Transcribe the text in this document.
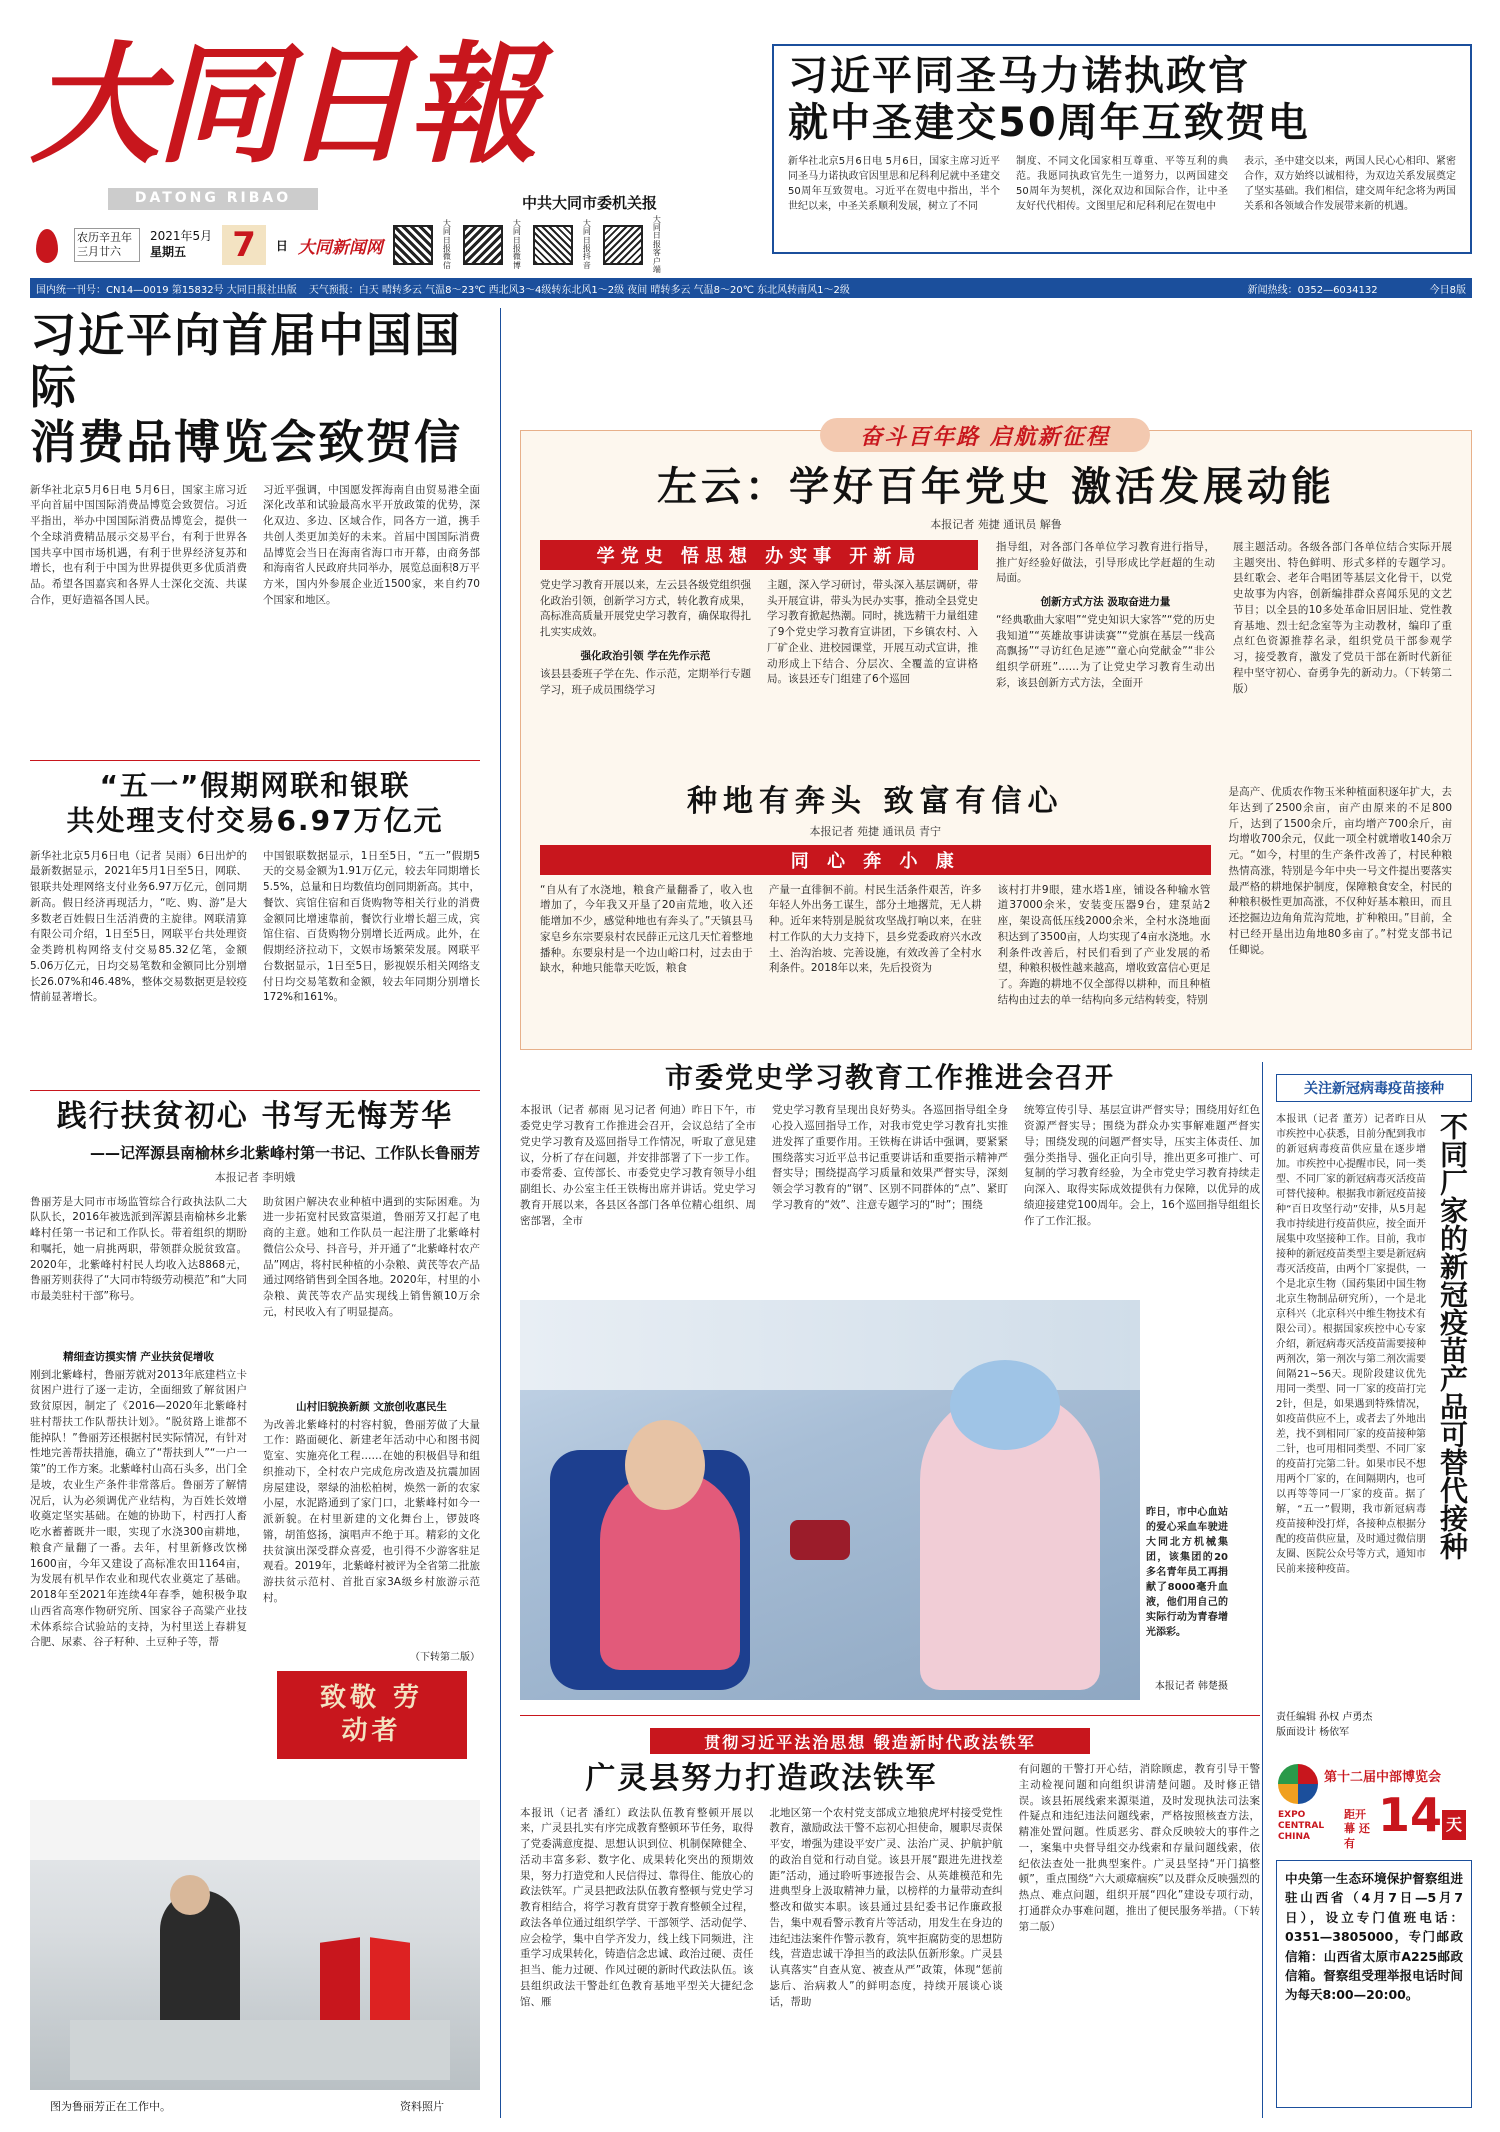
大同日報
DATONG RIBAO	中共大同市委机关报
农历辛丑年 三月廿六
2021年5月
星期五	7	日 大同新闻网
大同日报微信
大同日报微博
大同日报抖音
大同日报客户端
习近平同圣马力诺执政官
就中圣建交50周年互致贺电
新华社北京5月6日电 5月6日，国家主席习近平同圣马力诺执政官因里思和尼科利尼就中圣建交50周年互致贺电。习近平在贺电中指出，半个世纪以来，中圣关系顺利发展，树立了不同
制度、不同文化国家相互尊重、平等互利的典范。我愿同执政官先生一道努力，以两国建交50周年为契机，深化双边和国际合作，让中圣友好代代相传。文图里尼和尼科利尼在贺电中
表示，圣中建交以来，两国人民心心相印、紧密合作，双方始终以诚相待，为双边关系发展奠定了坚实基础。我们相信，建交周年纪念将为两国关系和各领域合作发展带来新的机遇。
国内统一刊号：CN14—0019 第15832号 大同日报社出版 天气预报：白天 晴转多云 气温8～23℃ 西北风3～4级转东北风1～2级 夜间 晴转多云 气温8～20℃ 东北风转南风1～2级	新闻热线：0352—6034132	今日8版
习近平向首届中国国际
消费品博览会致贺信
新华社北京5月6日电 5月6日，国家主席习近平向首届中国国际消费品博览会致贺信。习近平指出，举办中国国际消费品博览会，提供一个全球消费精品展示交易平台，有利于世界各国共享中国市场机遇，有利于世界经济复苏和增长，也有利于中国为世界提供更多优质消费品。希望各国嘉宾和各界人士深化交流、共谋合作，更好造福各国人民。
习近平强调，中国愿发挥海南自由贸易港全面深化改革和试验最高水平开放政策的优势，深化双边、多边、区域合作，同各方一道，携手共创人类更加美好的未来。首届中国国际消费品博览会当日在海南省海口市开幕，由商务部和海南省人民政府共同举办，展览总面积8万平方米，国内外参展企业近1500家，来自约70个国家和地区。
“五一”假期网联和银联
共处理支付交易6.97万亿元
新华社北京5月6日电（记者 吴雨）6日出炉的最新数据显示，2021年5月1日至5日，网联、银联共处理网络支付业务6.97万亿元，创同期新高。假日经济再现活力，“吃、购、游”是大多数老百姓假日生活消费的主旋律。网联清算有限公司介绍，1日至5日，网联平台共处理资金类跨机构网络支付交易85.32亿笔，金额5.06万亿元，日均交易笔数和金额同比分别增长26.07%和46.48%，整体交易数据更是较疫情前显著增长。
中国银联数据显示，1日至5日，“五一”假期5天的交易金额为1.91万亿元，较去年同期增长5.5%，总量和日均数值均创同期新高。其中，餐饮、宾馆住宿和百货购物等相关行业的消费金额同比增速靠前，餐饮行业增长超三成，宾馆住宿、百货购物分别增长近两成。此外，在假期经济拉动下，文娱市场繁荣发展。网联平台数据显示，1日至5日，影视娱乐相关网络支付日均交易笔数和金额，较去年同期分别增长172%和161%。
践行扶贫初心 书写无悔芳华
——记浑源县南榆林乡北紫峰村第一书记、工作队长鲁丽芳
本报记者 李明娥
鲁丽芳是大同市市场监管综合行政执法队二大队队长，2016年被选派到浑源县南榆林乡北紫峰村任第一书记和工作队长。带着组织的期盼和嘱托，她一肩挑两职，带领群众脱贫致富。2020年，北紫峰村村民人均收入达8868元，鲁丽芳则获得了“大同市特级劳动模范”和“大同市最美驻村干部”称号。
精细查访摸实情 产业扶贫促增收
刚到北紫峰村，鲁丽芳就对2013年底建档立卡贫困户进行了逐一走访，全面细致了解贫困户致贫原因，制定了《2016—2020年北紫峰村驻村帮扶工作队帮扶计划》。“脱贫路上谁都不能掉队！”鲁丽芳还根据村民实际情况，有针对性地完善帮扶措施，确立了“帮扶到人”“一户一策”的工作方案。北紫峰村山高石头多，出门全是坡，农业生产条件非常落后。鲁丽芳了解情况后，认为必须调优产业结构，为百姓长效增收奠定坚实基础。在她的协助下，村西打人畜吃水蓄蓄既井一眼，实现了水浇300亩耕地，粮食产量翻了一番。去年，村里新修改饮梯1600亩，今年又建设了高标准农田1164亩，为发展有机旱作农业和现代农业奠定了基础。2018年至2021年连续4年春季，她积极争取山西省高寒作物研究所、国家谷子高粱产业技术体系综合试验站的支持，为村里送上春耕复合肥、尿素、谷子籽种、土豆种子等，帮
助贫困户解决农业种植中遇到的实际困难。为进一步拓宽村民致富渠道，鲁丽芳又打起了电商的主意。她和工作队员一起注册了北紫峰村微信公众号、抖音号，并开通了“北紫峰村农产品”网店，将村民种植的小杂粮、黄芪等农产品通过网络销售到全国各地。2020年，村里的小杂粮、黄芪等农产品实现线上销售额10万余元，村民收入有了明显提高。
山村旧貌换新颜 文旅创收惠民生
为改善北紫峰村的村容村貌，鲁丽芳做了大量工作：路面硬化、新建老年活动中心和图书阅览室、实施亮化工程……在她的积极倡导和组织推动下，全村农户完成危房改造及抗震加固房屋建设，翠绿的油松柏树，焕然一新的农家小屋，水泥路通到了家门口，北紫峰村如今一派新貌。在村里新建的文化舞台上，锣鼓咚锵，胡笛悠扬，演唱声不绝于耳。精彩的文化扶贫演出深受群众喜爱，也引得不少游客驻足观看。2019年，北紫峰村被评为全省第二批旅游扶贫示范村、首批百家3A级乡村旅游示范村。
（下转第二版）
致敬 劳动者
图为鲁丽芳正在工作中。	资料照片
奋斗百年路 启航新征程
左云：学好百年党史 激活发展动能
本报记者 苑捷 通讯员 解鲁
学党史 悟思想 办实事 开新局
党史学习教育开展以来，左云县各级党组织强化政治引领，创新学习方式，转化教育成果，高标准高质量开展党史学习教育，确保取得扎扎实实成效。
强化政治引领 学在先作示范
该县县委班子学在先、作示范，定期举行专题学习，班子成员围绕学习
主题，深入学习研讨，带头深入基层调研，带头开展宣讲，带头为民办实事，推动全县党史学习教育掀起热潮。同时，挑选精干力量组建了9个党史学习教育宣讲团，下乡镇农村、入厂矿企业、进校园课堂，开展互动式宣讲，推动形成上下结合、分层次、全覆盖的宣讲格局。该县还专门组建了6个巡回
指导组，对各部门各单位学习教育进行指导，推广好经验好做法，引导形成比学赶超的生动局面。
创新方式方法 汲取奋进力量
“经典歌曲大家唱”“党史知识大家答”“党的历史我知道”“英雄故事讲读赛”“党旗在基层一线高高飘扬”“寻访红色足迹”“童心向党献金”“非公组织学研班”……为了让党史学习教育生动出彩，该县创新方式方法，全面开
展主题活动。各级各部门各单位结合实际开展主题突出、特色鲜明、形式多样的专题学习。县红歌会、老年合唱团等基层文化骨干，以党史故事为内容，创新编排群众喜闻乐见的文艺节目；以全县的10多处革命旧居旧址、党性教育基地、烈士纪念室等为主动教材，编印了重点红色资源推荐名录，组织党员干部参观学习，接受教育，激发了党员干部在新时代新征程中坚守初心、奋勇争先的新动力。（下转第二版）
种地有奔头 致富有信心
本报记者 苑捷 通讯员 青宁
同 心 奔 小 康
“自从有了水浇地，粮食产量翻番了，收入也增加了，今年我又开垦了20亩荒地，收入还能增加不少，感觉种地也有奔头了。”天镇县马家皂乡东宗要泉村农民薛正元这几天忙着整地播种。东要泉村是一个边山峪口村，过去由于缺水，种地只能靠天吃饭，粮食
产量一直徘徊不前。村民生活条件艰苦，许多年轻人外出务工谋生，部分土地撂荒，无人耕种。近年来特别是脱贫攻坚战打响以来，在驻村工作队的大力支持下，县乡党委政府兴水改土、治沟治坡、完善设施，有效改善了全村水利条件。2018年以来，先后投资为
该村打井9眼，建水塔1座，铺设各种输水管道37000余米，安装变压器9台，建泵站2座，架设高低压线2000余米，全村水浇地面积达到了3500亩，人均实现了4亩水浇地。水利条件改善后，村民们看到了产业发展的希望，种粮积极性越来越高，增收致富信心更足了。奔跑的耕地不仅全部得以耕种，而且种植结构由过去的单一结构向多元结构转变，特别
是高产、优质农作物玉米种植面积逐年扩大，去年达到了2500余亩，亩产由原来的不足800斤，达到了1500余斤，亩均增产700余斤，亩均增收700余元，仅此一项全村就增收140余万元。“如今，村里的生产条件改善了，村民种粮热情高涨，特别是今年中央一号文件提出要落实最严格的耕地保护制度，保障粮食安全，村民的种粮积极性更加高涨，不仅种好基本粮田，而且还挖掘边边角角荒沟荒地，扩种粮田。”目前，全村已经开垦出边角地80多亩了。”村党支部书记任卿说。
市委党史学习教育工作推进会召开
本报讯（记者 郝雨 见习记者 何迪）昨日下午，市委党史学习教育工作推进会召开，会议总结了全市党史学习教育及巡回指导工作情况，听取了意见建议，分析了存在问题，并安排部署了下一步工作。市委常委、宣传部长、市委党史学习教育领导小组副组长、办公室主任王铁梅出席并讲话。党史学习教育开展以来，各县区各部门各单位精心组织、周密部署，全市
党史学习教育呈现出良好势头。各巡回指导组全身心投入巡回指导工作，对我市党史学习教育扎实推进发挥了重要作用。王铁梅在讲话中强调，要紧紧围绕落实习近平总书记重要讲话和重要指示精神严督实导；围绕提高学习质量和效果严督实导，深刻领会学习教育的“钢”、区别不同群体的“点”、紧盯学习教育的“效”、注意专题学习的“时”；围绕
统筹宣传引导、基层宣讲严督实导；围绕用好红色资源严督实导；围绕为群众办实事解难题严督实导；围绕发现的问题严督实导，压实主体责任、加强分类指导、强化正向引导，推出更多可推广、可复制的学习教育经验，为全市党史学习教育持续走向深入、取得实际成效提供有力保障，以优异的成绩迎接建党100周年。会上，16个巡回指导组组长作了工作汇报。
昨日，市中心血站的爱心采血车驶进大同北方机械集团，该集团的20多名青年员工再捐献了8000毫升血液，他们用自己的实际行动为青春增光添彩。
本报记者 韩楚摄
贯彻习近平法治思想 锻造新时代政法铁军
广灵县努力打造政法铁军
本报讯（记者 潘红）政法队伍教育整顿开展以来，广灵县扎实有序完成教育整顿环节任务，取得了党委满意度提、思想认识到位、机制保障健全、活动丰富多彩、数字化、成果转化突出的预期效果，努力打造党和人民信得过、靠得住、能放心的政法铁军。广灵县把政法队伍教育整顿与党史学习教育相结合，将学习教育贯穿于教育整顿全过程，政法各单位通过组织学学、干部领学、活动促学、应会检学，集中自学齐发力，线上线下同频进，注重学习成果转化，铸造信念忠诚、政治过硬、责任担当、能力过硬、作风过硬的新时代政法队伍。该县组织政法干警赴红色教育基地平型关大捷纪念馆、雁
北地区第一个农村党支部成立地狼虎坪村接受党性教育，激励政法干警不忘初心担使命，履职尽责保平安，增强为建设平安广灵、法治广灵、护航护航的政治自觉和行动自觉。该县开展“跟进先进找差距”活动，通过聆听事迹报告会、从英雄模范和先进典型身上汲取精神力量，以榜样的力量带动查纠整改和做实本职。该县通过县纪委书记作廉政报告，集中观看警示教育片等活动，用发生在身边的违纪违法案件作警示教育，筑牢拒腐防变的思想防线，营造忠诚干净担当的政法队伍新形象。广灵县认真落实“自查从宽、被查从严”政策，体现“惩前毖后、治病救人”的鲜明态度，持续开展谈心谈话，帮助
有问题的干警打开心结，消除顾虑，教育引导干警主动检视问题和向组织讲清楚问题。及时修正错误。该县拓展线索来源渠道，及时发现执法司法案件疑点和违纪违法问题线索，严格按照核查方法，精准处置问题。性质恶劣、群众反映较大的事件之一，案集中央督导组交办线索和存量问题线索，依纪依法查处一批典型案件。广灵县坚持“开门搞整顿”，重点围绕“六大顽瘴痼疾”以及群众反映强烈的热点、难点问题，组织开展“四化”建设专项行动，打通群众办事难问题，推出了便民服务举措。（下转第二版）
关注新冠病毒疫苗接种
本报讯（记者 董芳）记者昨日从市疾控中心获悉，目前分配到我市的新冠病毒疫苗供应量在逐步增加。市疾控中心提醒市民，同一类型、不同厂家的新冠病毒灭活疫苗可替代接种。根据我市新冠疫苗接种“百日攻坚行动”安排，从5月起我市持续进行疫苗供应，按全面开展集中攻坚接种工作。目前，我市接种的新冠疫苗类型主要是新冠病毒灭活疫苗，由两个厂家提供，一个是北京生物（国药集团中国生物北京生物制品研究所），一个是北京科兴（北京科兴中维生物技术有限公司）。根据国家疾控中心专家介绍，新冠病毒灭活疫苗需要接种两剂次，第一剂次与第二剂次需要间隔21~56天。现阶段建议优先用同一类型、同一厂家的疫苗打完2针，但是，如果遇到特殊情况，如疫苗供应不上，或者去了外地出差，找不到相同厂家的疫苗接种第二针，也可用相同类型、不同厂家的疫苗打完第二针。如果市民不想用两个厂家的，在间隔期内，也可以再等等同一厂家的疫苗。据了解，“五一”假期，我市新冠病毒疫苗接种没打烊，各接种点根据分配的疫苗供应量，及时通过微信朋友圈、医院公众号等方式，通知市民前来接种疫苗。
不同厂家的新冠疫苗产品可替代接种
责任编辑 孙权 卢勇杰
版面设计 杨依军
第十二届中部博览会
EXPO CENTRAL CHINA
距开幕 还有
14 天
中央第一生态环境保护督察组进驻山西省（4月7日—5月7日），设立专门值班电话：0351—3805000，专门邮政信箱：山西省太原市A225邮政信箱。督察组受理举报电话时间为每天8:00—20:00。
